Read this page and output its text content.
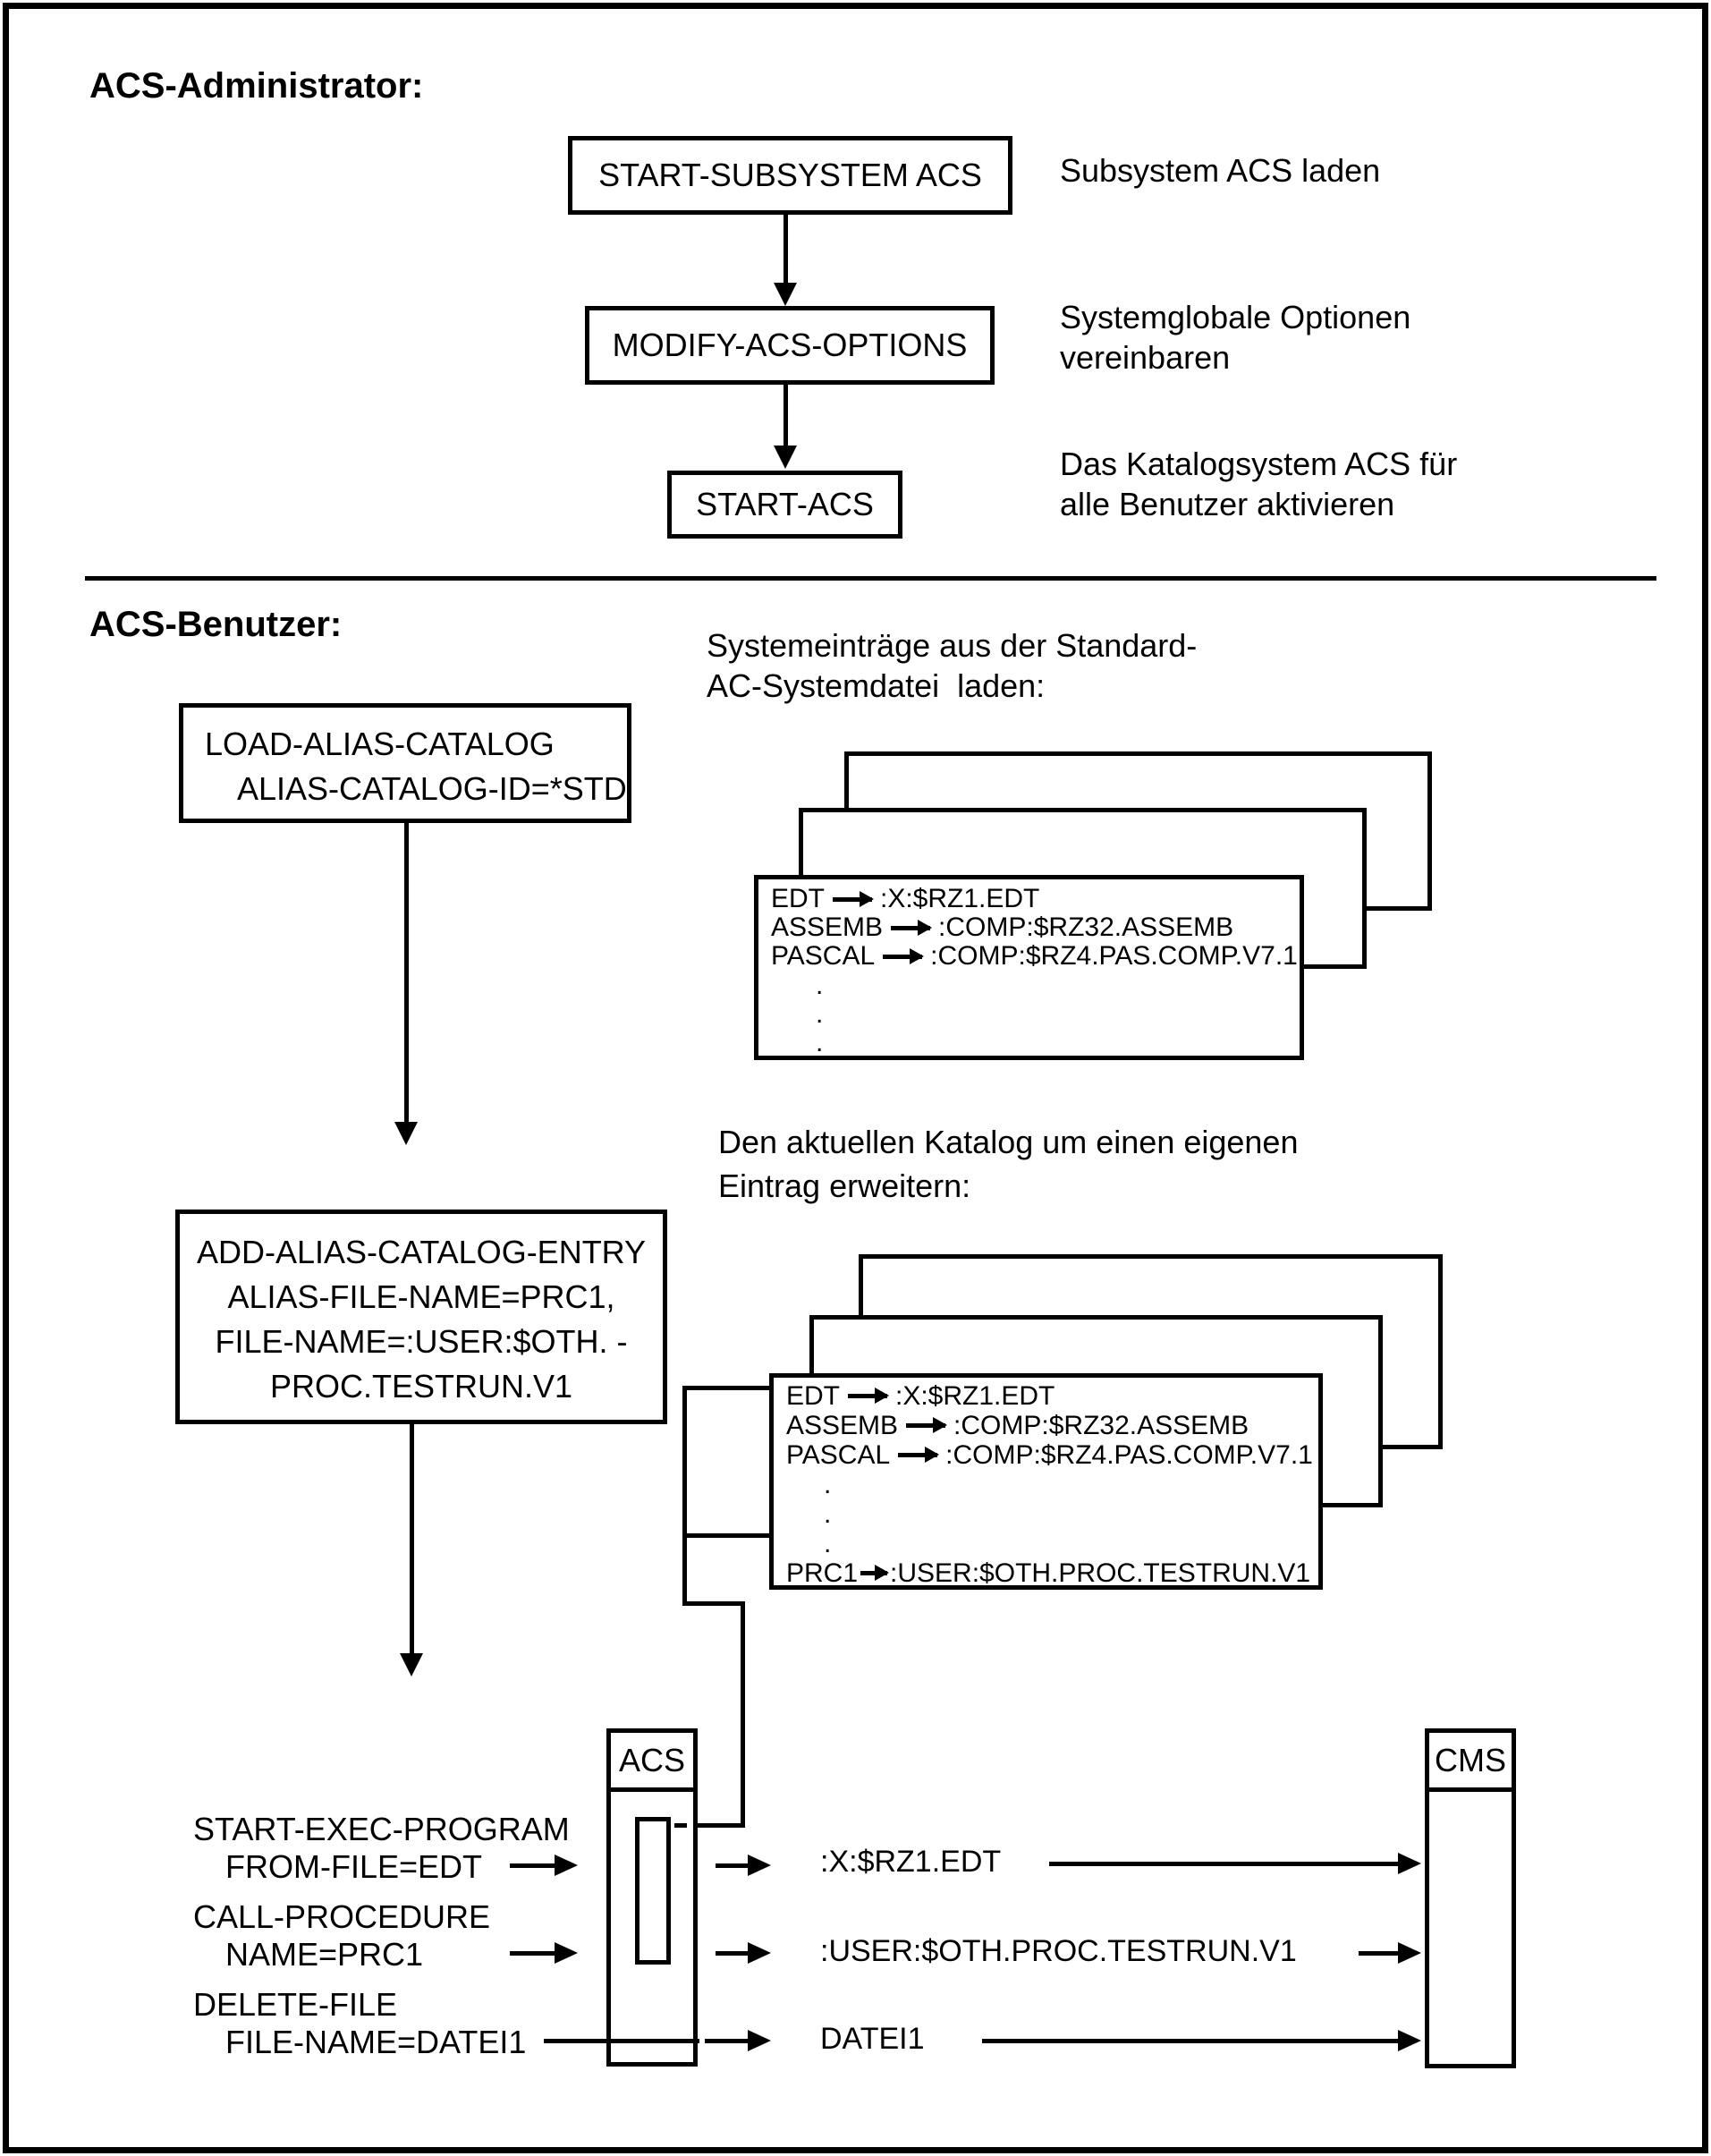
ACS-Administrator:
START-SUBSYSTEM ACS Subsystem ACS laden
MODIFY-ACS-OPTIONS
Systemglobale Optionen
vereinbaren
START-ACS
Das Katalogsystem ACS für
alle Benutzer aktivieren
ACS-Benutzer:
Systemeinträge aus der Standard-
AC-Systemdatei  laden:
LOAD-ALIAS-CATALOG
ALIAS-CATALOG-ID=*STD
EDT :X:$RZ1.EDT
ASSEMB :COMP:$RZ32.ASSEMB
PASCAL :COMP:$RZ4.PAS.COMP.V7.1
.
.
.
Den aktuellen Katalog um einen eigenen
Eintrag erweitern:
ADD-ALIAS-CATALOG-ENTRY
ALIAS-FILE-NAME=PRC1,
FILE-NAME=:USER:$OTH. -
PROC.TESTRUN.V1	EDT :X:$RZ1.EDT
ASSEMB :COMP:$RZ32.ASSEMB
PASCAL :COMP:$RZ4.PAS.COMP.V7.1
.
.
.
PRC1 :USER:$OTH.PROC.TESTRUN.V1
ACS	CMS
START-EXEC-PROGRAM
FROM-FILE=EDT
CALL-PROCEDURE
NAME=PRC1
DELETE-FILE
FILE-NAME=DATEI1
:X:$RZ1.EDT
:USER:$OTH.PROC.TESTRUN.V1
DATEI1
